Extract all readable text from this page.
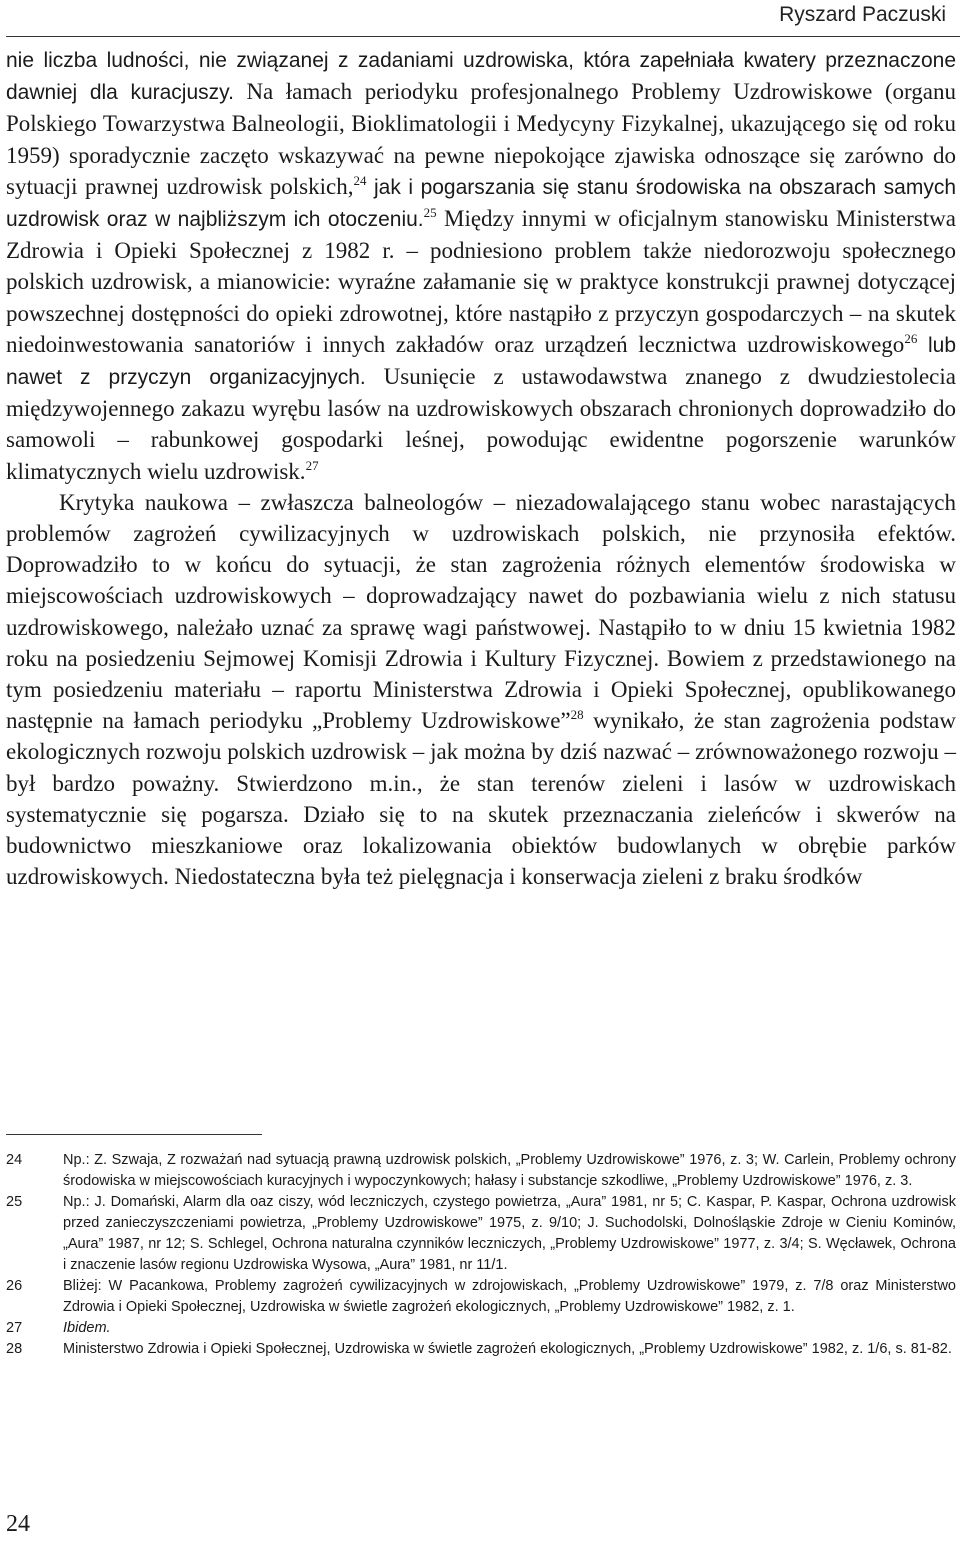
Ryszard Paczuski

nie liczba ludności, nie związanej z zadaniami uzdrowiska, która zapełniała kwatery przeznaczone dawniej dla kuracjuszy. Na łamach periodyku profesjonalnego Problemy Uzdrowiskowe (organu Polskiego Towarzystwa Balneologii, Bioklimatologii i Medycyny Fizykalnej, ukazującego się od roku 1959) sporadycznie zaczęto wskazywać na pewne niepokojące zjawiska odnoszące się zarówno do sytuacji prawnej uzdrowisk polskich,$^{24}$ jak i pogarszania się stanu środowiska na obszarach samych uzdrowisk oraz w najbliższym ich otoczeniu.$^{25}$ Między innymi w oficjalnym stanowisku Ministerstwa Zdrowia i Opieki Społecznej z 1982 r. – podniesiono problem także niedorozwoju społecznego polskich uzdrowisk, a mianowicie: wyraźne załamanie się w praktyce konstrukcji prawnej dotyczącej powszechnej dostępności do opieki zdrowotnej, które nastąpiło z przyczyn gospodarczych – na skutek niedoinwestowania sanatoriów i innych zakładów oraz urządzeń lecznictwa uzdrowiskowego$^{26}$ lub nawet z przyczyn organizacyjnych. Usunięcie z ustawodawstwa znanego z dwudziestolecia międzywojennego zakazu wyrębu lasów na uzdrowiskowych obszarach chronionych doprowadziło do samowoli – rabunkowej gospodarki leśnej, powodując ewidentne pogorszenie warunków klimatycznych wielu uzdrowisk.$^{27}$

Krytyka naukowa – zwłaszcza balneologów – niezadowalającego stanu wobec narastających problemów zagrożeń cywilizacyjnych w uzdrowiskach polskich, nie przynosiła efektów. Doprowadziło to w końcu do sytuacji, że stan zagrożenia różnych elementów środowiska w miejscowościach uzdrowiskowych – doprowadzający nawet do pozbawiania wielu z nich statusu uzdrowiskowego, należało uznać za sprawę wagi państwowej. Nastąpiło to w dniu 15 kwietnia 1982 roku na posiedzeniu Sejmowej Komisji Zdrowia i Kultury Fizycznej. Bowiem z przedstawionego na tym posiedzeniu materiału – raportu Ministerstwa Zdrowia i Opieki Społecznej, opublikowanego następnie na łamach periodyku „Problemy Uzdrowiskowe”$^{28}$ wynikało, że stan zagrożenia podstaw ekologicznych rozwoju polskich uzdrowisk – jak można by dziś nazwać – zrównoważonego rozwoju – był bardzo poważny. Stwierdzono m.in., że stan terenów zieleni i lasów w uzdrowiskach systematycznie się pogarsza. Działo się to na skutek przeznaczania zieleńców i skwerów na budownictwo mieszkaniowe oraz lokalizowania obiektów budowlanych w obrębie parków uzdrowiskowych. Niedostateczna była też pielęgnacja i konserwacja zieleni z braku środków

24	Np.: Z. Szwaja, Z rozważań nad sytuacją prawną uzdrowisk polskich, „Problemy Uzdrowiskowe” 1976, z. 3; W. Carlein, Problemy ochrony środowiska w miejscowościach kuracyjnych i wypoczynkowych; hałasy i substancje szkodliwe, „Problemy Uzdrowiskowe” 1976, z. 3.
25	Np.: J. Domański, Alarm dla oaz ciszy, wód leczniczych, czystego powietrza, „Aura” 1981, nr 5; C. Kaspar, P. Kaspar, Ochrona uzdrowisk przed zanieczyszczeniami powietrza, „Problemy Uzdrowiskowe” 1975, z. 9/10; J. Suchodolski, Dolnośląskie Zdroje w Cieniu Kominów, „Aura” 1987, nr 12; S. Schlegel, Ochrona naturalna czynników leczniczych, „Problemy Uzdrowiskowe” 1977, z. 3/4; S. Węcławek, Ochrona i znaczenie lasów regionu Uzdrowiska Wysowa, „Aura” 1981, nr 11/1.
26	Bliżej: W Pacankowa, Problemy zagrożeń cywilizacyjnych w zdrojowiskach, „Problemy Uzdrowiskowe” 1979, z. 7/8 oraz Ministerstwo Zdrowia i Opieki Społecznej, Uzdrowiska w świetle zagrożeń ekologicznych, „Problemy Uzdrowiskowe” 1982, z. 1.
27	Ibidem.
28	Ministerstwo Zdrowia i Opieki Społecznej, Uzdrowiska w świetle zagrożeń ekologicznych, „Problemy Uzdrowiskowe” 1982, z. 1/6, s. 81-82.
24
